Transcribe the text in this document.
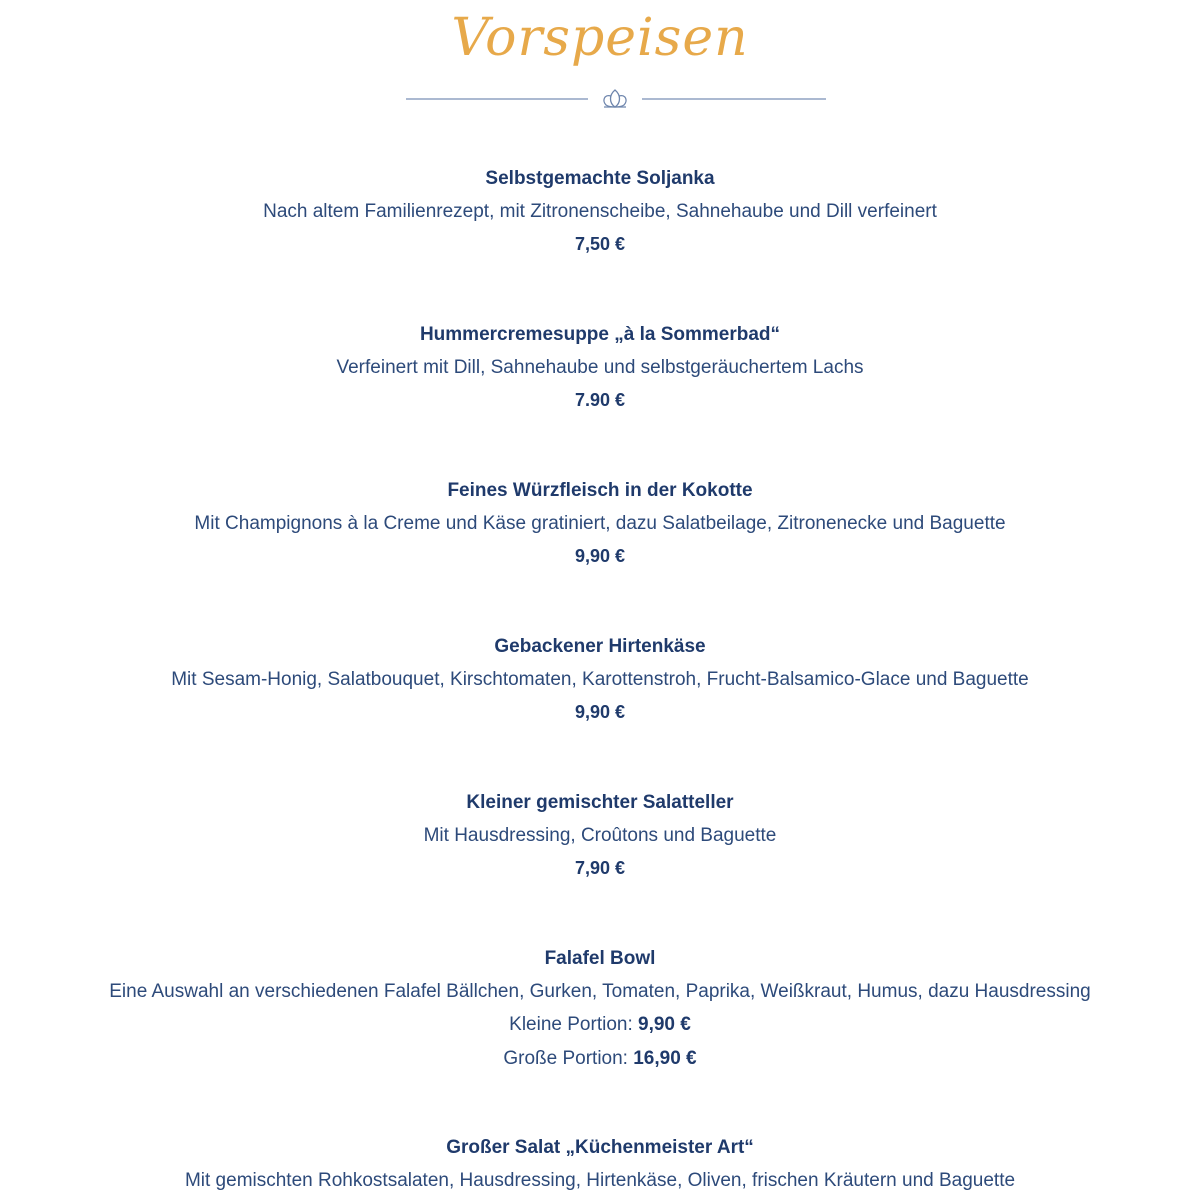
Vorspeisen
Selbstgemachte Soljanka
Nach altem Familienrezept, mit Zitronenscheibe, Sahnehaube und Dill verfeinert
7,50 €
Hummercremesuppe „à la Sommerbad“
Verfeinert mit Dill, Sahnehaube und selbstgeräuchertem Lachs
7.90 €
Feines Würzfleisch in der Kokotte
Mit Champignons à la Creme und Käse gratiniert, dazu Salatbeilage, Zitronenecke und Baguette
9,90 €
Gebackener Hirtenkäse
Mit Sesam-Honig, Salatbouquet, Kirschtomaten, Karottenstroh, Frucht-Balsamico-Glace und Baguette
9,90 €
Kleiner gemischter Salatteller
Mit Hausdressing, Croûtons und Baguette
7,90 €
Falafel Bowl
Eine Auswahl an verschiedenen Falafel Bällchen, Gurken, Tomaten, Paprika, Weißkraut, Humus, dazu Hausdressing
Kleine Portion: 9,90 €
Große Portion: 16,90 €
Großer Salat „Küchenmeister Art“
Mit gemischten Rohkostsalaten, Hausdressing, Hirtenkäse, Oliven, frischen Kräutern und Baguette
